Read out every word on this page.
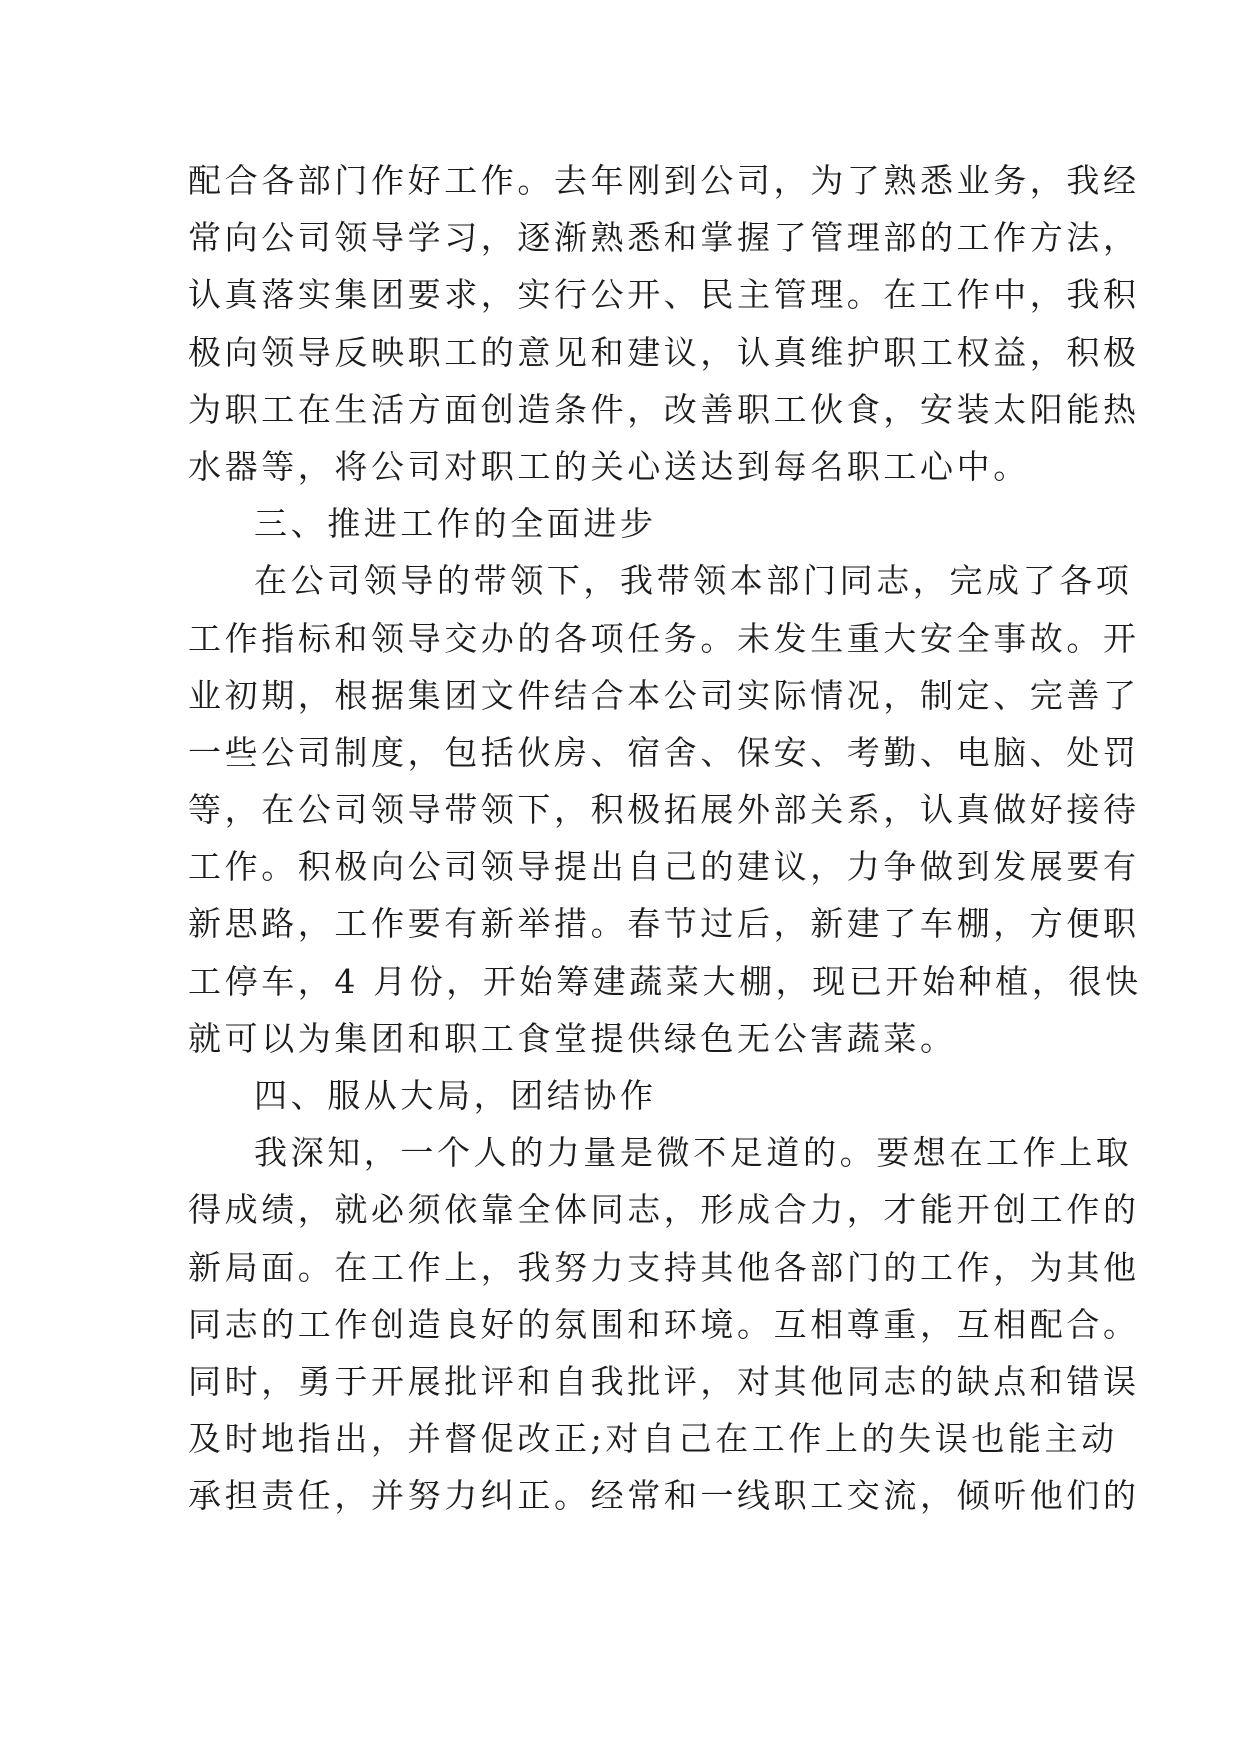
配合各部门作好工作。去年刚到公司，为了熟悉业务，我经
常向公司领导学习，逐渐熟悉和掌握了管理部的工作方法，
认真落实集团要求，实行公开、民主管理。在工作中，我积
极向领导反映职工的意见和建议，认真维护职工权益，积极
为职工在生活方面创造条件，改善职工伙食，安装太阳能热
水器等，将公司对职工的关心送达到每名职工心中。
三、推进工作的全面进步
在公司领导的带领下，我带领本部门同志，完成了各项
工作指标和领导交办的各项任务。未发生重大安全事故。开
业初期，根据集团文件结合本公司实际情况，制定、完善了
一些公司制度，包括伙房、宿舍、保安、考勤、电脑、处罚
等，在公司领导带领下，积极拓展外部关系，认真做好接待
工作。积极向公司领导提出自己的建议，力争做到发展要有
新思路，工作要有新举措。春节过后，新建了车棚，方便职
工停车，4 月份，开始筹建蔬菜大棚，现已开始种植，很快
就可以为集团和职工食堂提供绿色无公害蔬菜。
四、服从大局，团结协作
我深知，一个人的力量是微不足道的。要想在工作上取
得成绩，就必须依靠全体同志，形成合力，才能开创工作的
新局面。在工作上，我努力支持其他各部门的工作，为其他
同志的工作创造良好的氛围和环境。互相尊重，互相配合。
同时，勇于开展批评和自我批评，对其他同志的缺点和错误
及时地指出，并督促改正;对自己在工作上的失误也能主动
承担责任，并努力纠正。经常和一线职工交流，倾听他们的
